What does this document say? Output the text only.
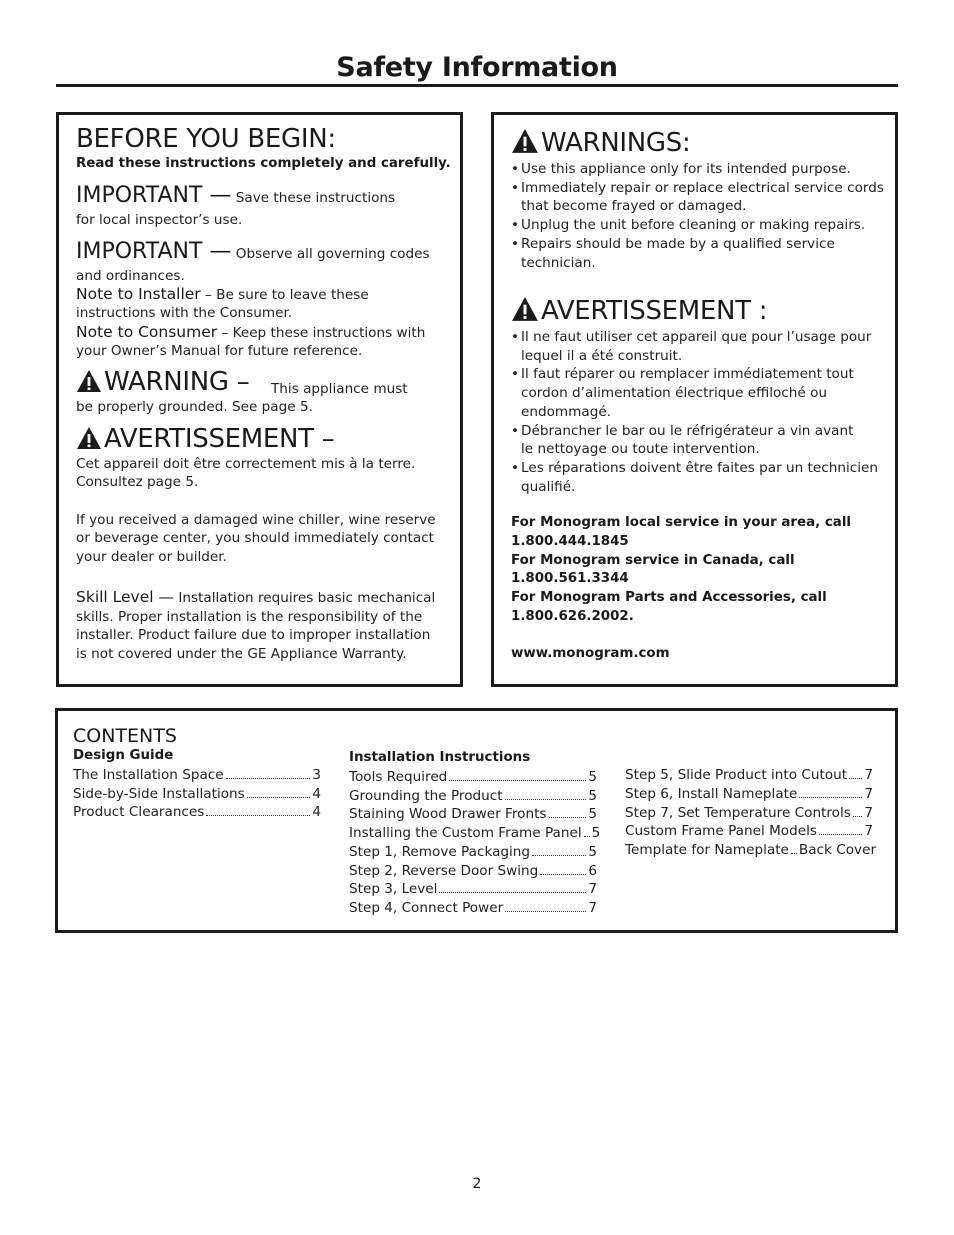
Safety Information
BEFORE YOU BEGIN:
Read these instructions completely and carefully.
IMPORTANT — Save these instructions
for local inspector’s use.
IMPORTANT — Observe all governing codes
and ordinances.
Note to Installer – Be sure to leave these
instructions with the Consumer.
Note to Consumer – Keep these instructions with
your Owner’s Manual for future reference.
WARNING – This appliance must
be properly grounded. See page 5.
AVERTISSEMENT –
Cet appareil doit être correctement mis à la terre.
Consultez page 5.
If you received a damaged wine chiller, wine reserve
or beverage center, you should immediately contact
your dealer or builder.
Skill Level — Installation requires basic mechanical
skills. Proper installation is the responsibility of the
installer. Product failure due to improper installation
is not covered under the GE Appliance Warranty.
WARNINGS:
• Use this appliance only for its intended purpose.
• Immediately repair or replace electrical service cords
that become frayed or damaged.
• Unplug the unit before cleaning or making repairs.
• Repairs should be made by a qualified service
technician.
AVERTISSEMENT :
• Il ne faut utiliser cet appareil que pour l’usage pour
lequel il a été construit.
• Il faut réparer ou remplacer immédiatement tout
cordon d’alimentation électrique effiloché ou
endommagé.
• Débrancher le bar ou le réfrigérateur a vin avant
le nettoyage ou toute intervention.
• Les réparations doivent être faites par un technicien
qualifié.
For Monogram local service in your area, call
1.800.444.1845
For Monogram service in Canada, call
1.800.561.3344
For Monogram Parts and Accessories, call
1.800.626.2002.
www.monogram.com
CONTENTS
Design Guide
The Installation Space	3
Side-by-Side Installations	4
Product Clearances	4
Installation Instructions
Tools Required	5
Grounding the Product	5
Staining Wood Drawer Fronts	5
Installing the Custom Frame Panel 5
Step 1, Remove Packaging	5
Step 2, Reverse Door Swing	6
Step 3, Level	7
Step 4, Connect Power	7
Step 5, Slide Product into Cutout 7
Step 6, Install Nameplate	7
Step 7, Set Temperature Controls 7
Custom Frame Panel Models	7
Template for Nameplate Back Cover
2
